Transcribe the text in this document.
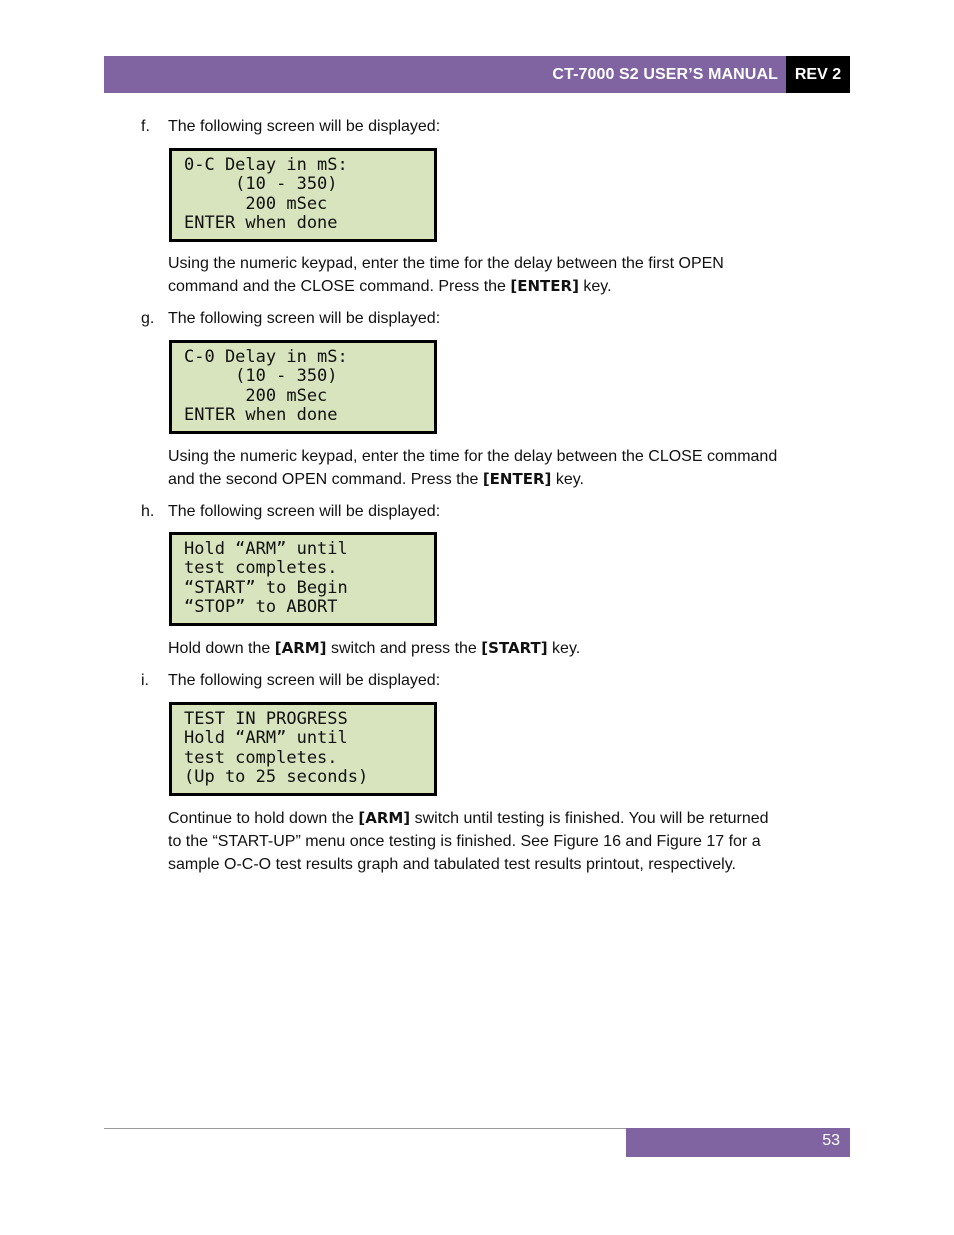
CT-7000 S2 USER’S MANUAL	REV 2
f. The following screen will be displayed:
0-C Delay in mS:
(10 - 350)
200 mSec
ENTER when done
Using the numeric keypad, enter the time for the delay between the first OPEN
command and the CLOSE command. Press the [ENTER] key.
g. The following screen will be displayed:
C-0 Delay in mS:
(10 - 350)
200 mSec
ENTER when done
Using the numeric keypad, enter the time for the delay between the CLOSE command
and the second OPEN command. Press the [ENTER] key.
h. The following screen will be displayed:
Hold “ARM” until
test completes.
“START” to Begin
“STOP” to ABORT
Hold down the [ARM] switch and press the [START] key.
i. The following screen will be displayed:
TEST IN PROGRESS
Hold “ARM” until
test completes.
(Up to 25 seconds)
Continue to hold down the [ARM] switch until testing is finished. You will be returned
to the “START-UP” menu once testing is finished. See Figure 16 and Figure 17 for a
sample O-C-O test results graph and tabulated test results printout, respectively.
53
